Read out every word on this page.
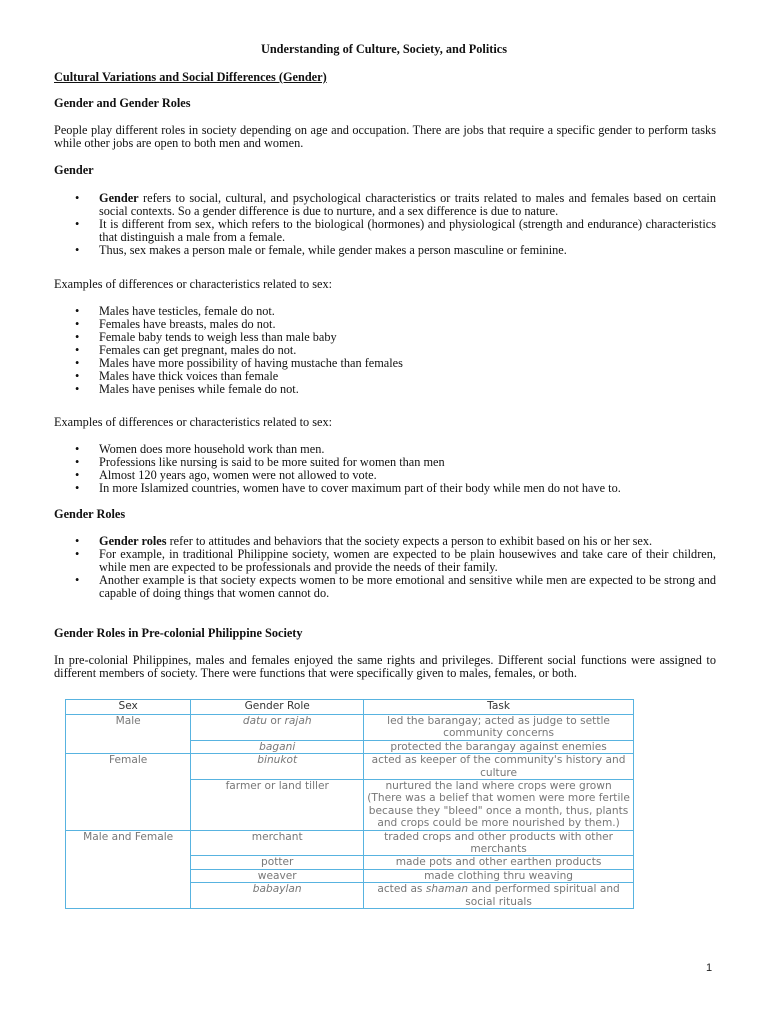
Understanding of Culture, Society, and Politics
Cultural Variations and Social Differences (Gender)
Gender and Gender Roles
People play different roles in society depending on age and occupation. There are jobs that require a specific gender to perform tasks while other jobs are open to both men and women.
Gender
• Gender refers to social, cultural, and psychological characteristics or traits related to males and females based on certain social contexts. So a gender difference is due to nurture, and a sex difference is due to nature.
• It is different from sex, which refers to the biological (hormones) and physiological (strength and endurance) characteristics that distinguish a male from a female.
• Thus, sex makes a person male or female, while gender makes a person masculine or feminine.
Examples of differences or characteristics related to sex:
• Males have testicles, female do not.
• Females have breasts, males do not.
• Female baby tends to weigh less than male baby
• Females can get pregnant, males do not.
• Males have more possibility of having mustache than females
• Males have thick voices than female
• Males have penises while female do not.
Examples of differences or characteristics related to sex:
• Women does more household work than men.
• Professions like nursing is said to be more suited for women than men
• Almost 120 years ago, women were not allowed to vote.
• In more Islamized countries, women have to cover maximum part of their body while men do not have to.
Gender Roles
• Gender roles refer to attitudes and behaviors that the society expects a person to exhibit based on his or her sex.
• For example, in traditional Philippine society, women are expected to be plain housewives and take care of their children, while men are expected to be professionals and provide the needs of their family.
• Another example is that society expects women to be more emotional and sensitive while men are expected to be strong and capable of doing things that women cannot do.
Gender Roles in Pre-colonial Philippine Society
In pre-colonial Philippines, males and females enjoyed the same rights and privileges. Different social functions were assigned to different members of society. There were functions that were specifically given to males, females, or both.
Sex	Gender Role	Task
Male	datu or rajah	led the barangay; acted as judge to settle community concerns
	bagani	protected the barangay against enemies
Female	binukot	acted as keeper of the community's history and culture
	farmer or land tiller	nurtured the land where crops were grown (There was a belief that women were more fertile because they "bleed" once a month, thus, plants and crops could be more nourished by them.)
Male and Female	merchant	traded crops and other products with other merchants
	potter	made pots and other earthen products
	weaver	made clothing thru weaving
	babaylan	acted as shaman and performed spiritual and social rituals
1
